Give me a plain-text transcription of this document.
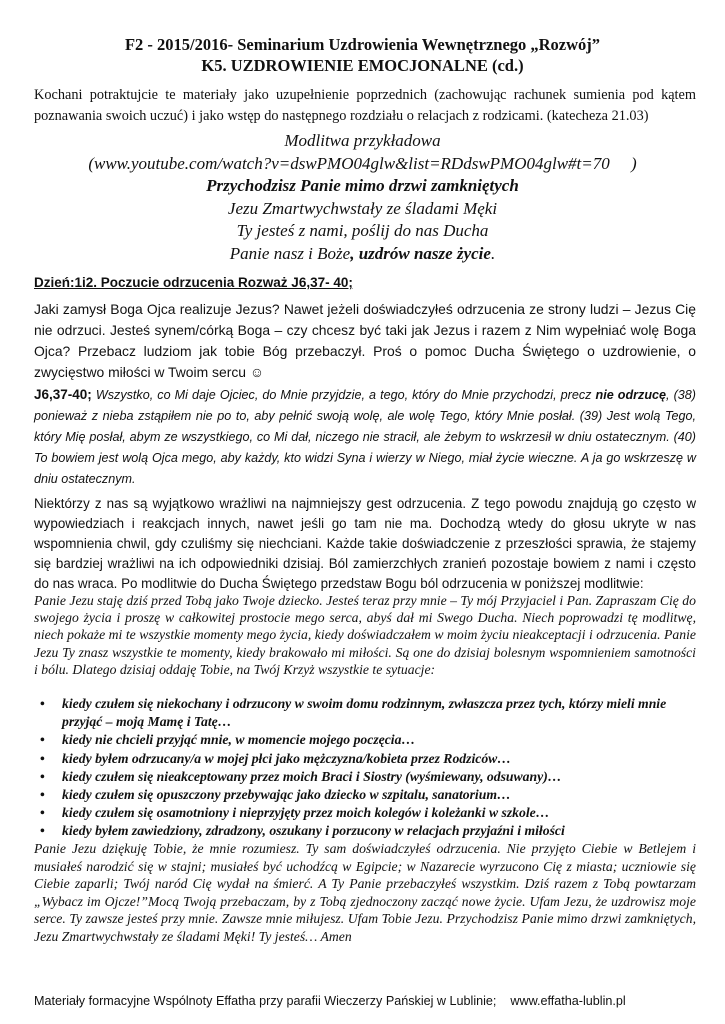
F2 - 2015/2016- Seminarium Uzdrowienia Wewnętrznego „Rozwój”
K5. UZDROWIENIE EMOCJONALNE (cd.)
Kochani potraktujcie te materiały jako uzupełnienie poprzednich (zachowując rachunek sumienia pod kątem poznawania swoich uczuć) i jako wstęp do następnego rozdziału o relacjach z rodzicami. (katecheza 21.03)
Modlitwa przykładowa
(www.youtube.com/watch?v=dswPMO04glw&list=RDdswPMO04glw#t=70 )
Przychodzisz Panie mimo drzwi zamkniętych
Jezu Zmartwychwstały ze śladami Męki
Ty jesteś z nami, poślij do nas Ducha
Panie nasz i Boże, uzdrów nasze życie.
Dzień:1i2. Poczucie odrzucenia Rozważ J6,37- 40;
Jaki zamysł Boga Ojca realizuje Jezus? Nawet jeżeli doświadczyłeś odrzucenia ze strony ludzi – Jezus Cię nie odrzuci. Jesteś synem/córką Boga – czy chcesz być taki jak Jezus i razem z Nim wypełniać wolę Boga Ojca? Przebacz ludziom jak tobie Bóg przebaczył. Proś o pomoc Ducha Świętego o uzdrowienie, o zwycięstwo miłości w Twoim sercu ☺
J6,37-40; Wszystko, co Mi daje Ojciec, do Mnie przyjdzie, a tego, który do Mnie przychodzi, precz nie odrzucę, (38) ponieważ z nieba zstąpiłem nie po to, aby pełnić swoją wolę, ale wolę Tego, który Mnie posłał. (39) Jest wolą Tego, który Mię posłał, abym ze wszystkiego, co Mi dał, niczego nie stracił, ale żebym to wskrzesił w dniu ostatecznym. (40) To bowiem jest wolą Ojca mego, aby każdy, kto widzi Syna i wierzy w Niego, miał życie wieczne. A ja go wskrzeszę w dniu ostatecznym.
Niektórzy z nas są wyjątkowo wrażliwi na najmniejszy gest odrzucenia. Z tego powodu znajdują go często w wypowiedziach i reakcjach innych, nawet jeśli go tam nie ma. Dochodzą wtedy do głosu ukryte w nas wspomnienia chwil, gdy czuliśmy się niechciani. Każde takie doświadczenie z przeszłości sprawia, że stajemy się bardziej wrażliwi na ich odpowiedniki dzisiaj. Ból zamierzchłych zranień pozostaje bowiem z nami i często do nas wraca. Po modlitwie do Ducha Świętego przedstaw Bogu ból odrzucenia w poniższej modlitwie:
Panie Jezu staję dziś przed Tobą jako Twoje dziecko. Jesteś teraz przy mnie – Ty mój Przyjaciel i Pan. Zapraszam Cię do swojego życia i proszę w całkowitej prostocie mego serca, abyś dał mi Swego Ducha. Niech poprowadzi tę modlitwę, niech pokaże mi te wszystkie momenty mego życia, kiedy doświadczałem w moim życiu nieakceptacji i odrzucenia. Panie Jezu Ty znasz wszystkie te momenty, kiedy brakowało mi miłości. Są one do dzisiaj bolesnym wspomnieniem samotności i bólu. Dlatego dzisiaj oddaję Tobie, na Twój Krzyż wszystkie te sytuacje:
• kiedy czułem się niekochany i odrzucony w swoim domu rodzinnym, zwłaszcza przez tych, którzy mieli mnie przyjąć – moją Mamę i Tatę…
• kiedy nie chcieli przyjąć mnie, w momencie mojego poczęcia…
• kiedy byłem odrzucany/a w mojej płci jako mężczyzna/kobieta przez Rodziców…
• kiedy czułem się nieakceptowany przez moich Braci i Siostry (wyśmiewany, odsuwany)…
• kiedy czułem się opuszczony przebywając jako dziecko w szpitalu, sanatorium…
• kiedy czułem się osamotniony i nieprzyjęty przez moich kolegów i koleżanki w szkole…
• kiedy byłem zawiedziony, zdradzony, oszukany i porzucony w relacjach przyjaźni i miłości
Panie Jezu dziękuję Tobie, że mnie rozumiesz. Ty sam doświadczyłeś odrzucenia. Nie przyjęto Ciebie w Betlejem i musiałeś narodzić się w stajni; musiałeś być uchodźcą w Egipcie; w Nazarecie wyrzucono Cię z miasta; uczniowie się Ciebie zaparli; Twój naród Cię wydał na śmierć. A Ty Panie przebaczyłeś wszystkim. Dziś razem z Tobą powtarzam „Wybacz im Ojcze!”Mocą Twoją przebaczam, by z Tobą zjednoczony zacząć nowe życie. Ufam Jezu, że uzdrowisz moje serce. Ty zawsze jesteś przy mnie. Zawsze mnie miłujesz. Ufam Tobie Jezu. Przychodzisz Panie mimo drzwi zamkniętych, Jezu Zmartwychwstały ze śladami Męki! Ty jesteś… Amen
Materiały formacyjne Wspólnoty Effatha przy parafii Wieczerzy Pańskiej w Lublinie; www.effatha-lublin.pl
